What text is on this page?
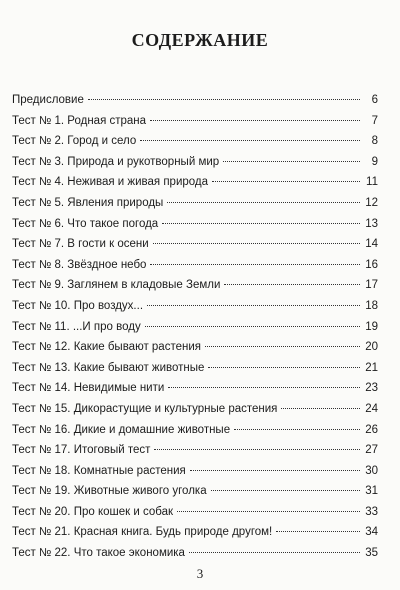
СОДЕРЖАНИЕ
Предисловие	6
Тест № 1. Родная страна	7
Тест № 2. Город и село	8
Тест № 3. Природа и рукотворный мир	9
Тест № 4. Неживая и живая природа	11
Тест № 5. Явления природы	12
Тест № 6. Что такое погода	13
Тест № 7. В гости к осени	14
Тест № 8. Звёздное небо	16
Тест № 9. Заглянем в кладовые Земли	17
Тест № 10. Про воздух...	18
Тест № 11. ...И про воду	19
Тест № 12. Какие бывают растения	20
Тест № 13. Какие бывают животные	21
Тест № 14. Невидимые нити	23
Тест № 15. Дикорастущие и культурные растения	24
Тест № 16. Дикие и домашние животные	26
Тест № 17. Итоговый тест	27
Тест № 18. Комнатные растения	30
Тест № 19. Животные живого уголка	31
Тест № 20. Про кошек и собак	33
Тест № 21. Красная книга. Будь природе другом!	34
Тест № 22. Что такое экономика	35
3
